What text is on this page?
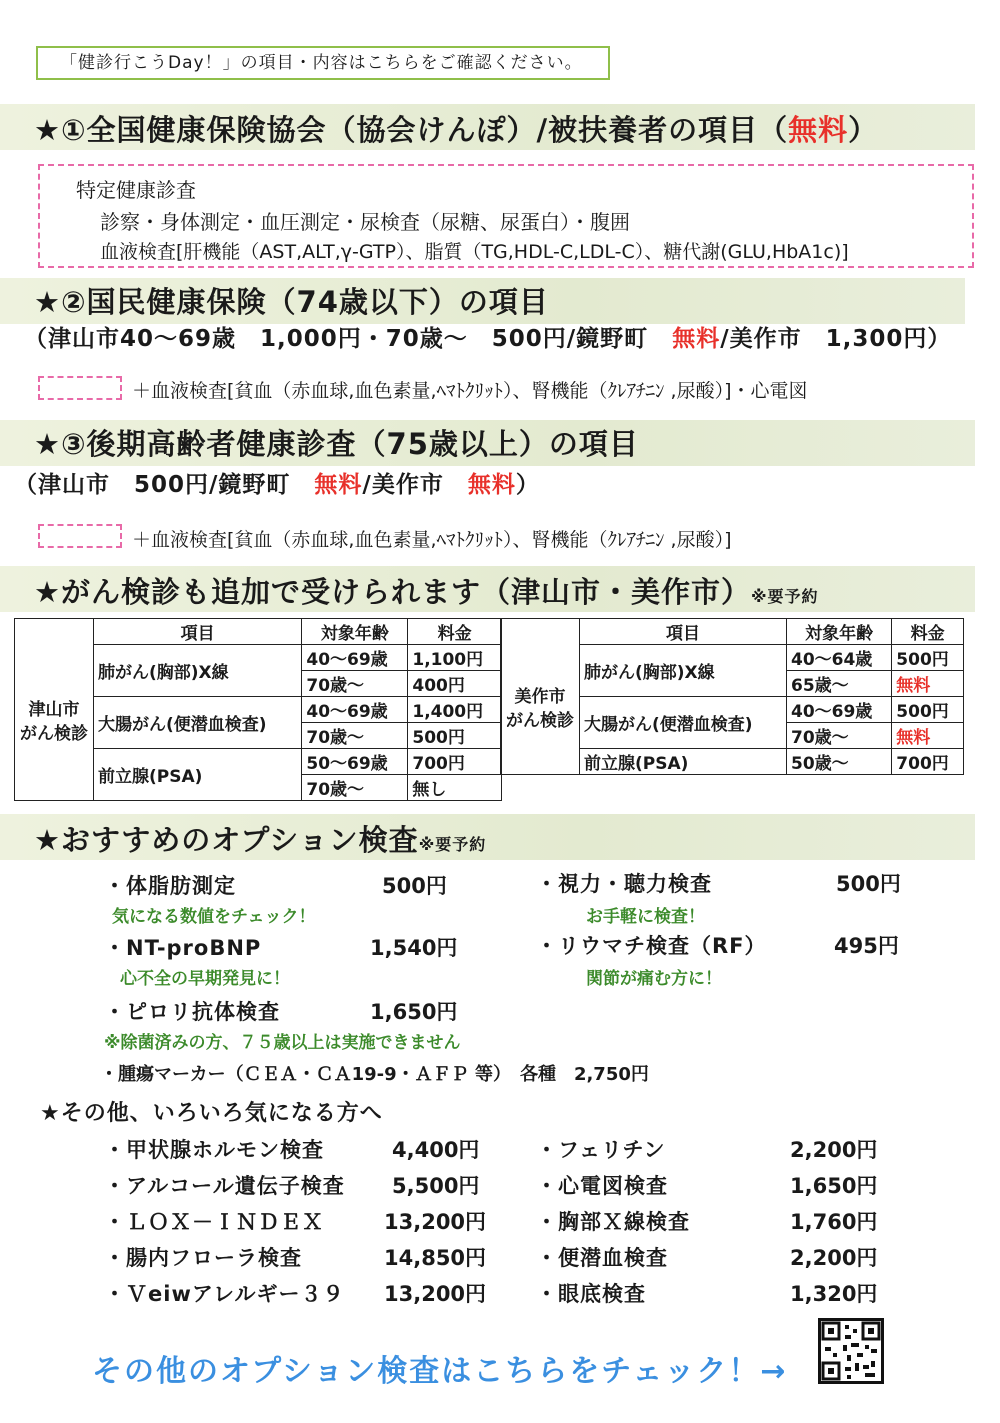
「健診行こうDay！」の項目・内容はこちらをご確認ください。
★①全国健康保険協会（協会けんぽ）/被扶養者の項目（無料）
特定健康診査
診察・身体測定・血圧測定・尿検査（尿糖、尿蛋白）・腹囲
血液検査[肝機能（AST,ALT,γ-GTP）、脂質（TG,HDL-C,LDL-C）、糖代謝(GLU,HbA1c)]
★②国民健康保険（74歳以下）の項目
（津山市40～69歳　1,000円・70歳～　500円/鏡野町　無料/美作市　1,300円）
＋血液検査[貧血（赤血球,血色素量,ﾍﾏﾄｸﾘｯﾄ）、腎機能（ｸﾚｱﾁﾆﾝ ,尿酸）]・心電図
★③後期高齢者健康診査（75歳以上）の項目
（津山市　500円/鏡野町　無料/美作市　無料）
＋血液検査[貧血（赤血球,血色素量,ﾍﾏﾄｸﾘｯﾄ）、腎機能（ｸﾚｱﾁﾆﾝ ,尿酸）]
★がん検診も追加で受けられます（津山市・美作市）※要予約
	項目	対象年齢	料金
津山市
がん検診	肺がん(胸部)X線	40～69歳	1,100円
		70歳～	400円
	大腸がん(便潜血検査)	40～69歳	1,400円
		70歳～	500円
	前立腺(PSA)	50～69歳	700円
		70歳～	無し
	項目	対象年齢	料金
美作市
がん検診	肺がん(胸部)X線	40～64歳	500円
		65歳～	無料
	大腸がん(便潜血検査)	40～69歳	500円
		70歳～	無料
	前立腺(PSA)	50歳～	700円

★おすすめのオプション検査※要予約
・体脂肪測定	500円
気になる数値をチェック！
・NT-proBNP	1,540円
心不全の早期発見に！
・ピロリ抗体検査	1,650円
※除菌済みの方、７５歳以上は実施できません
・視力・聴力検査	500円
お手軽に検査！
・リウマチ検査（RF）	495円
関節が痛む方に！
・腫瘍マーカー（ＣＥＡ・ＣＡ19-9・ＡＦＰ 等）　各種　2,750円
★その他、いろいろ気になる方へ
・甲状腺ホルモン検査	4,400円
・アルコール遺伝子検査 5,500円
・ＬＯＸ－ＩＮＤＥＸ	13,200円
・腸内フローラ検査	14,850円
・Ｖeiwアレルギー３９ 13,200円
・フェリチン	2,200円
・心電図検査	1,650円
・胸部Ｘ線検査	1,760円
・便潜血検査	2,200円
・眼底検査	1,320円
その他のオプション検査はこちらをチェック！→
